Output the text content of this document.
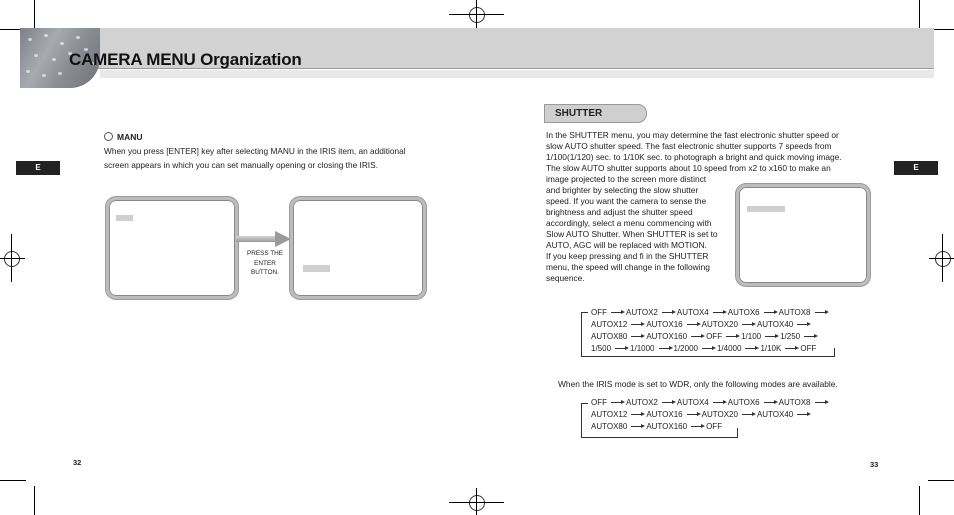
CAMERA MENU Organization
E	E
MANU
When you press [ENTER] key after selecting MANU in the IRIS item, an additional
screen appears in which you can set manually opening or closing the IRIS.
PRESS THE
ENTER
BUTTON.
SHUTTER
In the SHUTTER menu, you may determine the fast electronic shutter speed or
slow AUTO shutter speed. The fast electronic shutter supports 7 speeds from
1/100(1/120) sec. to 1/10K sec. to photograph a bright and quick moving image.
The slow AUTO shutter supports about 10 speed from x2 to x160 to make an
image projected to the screen more distinct
and brighter by selecting the slow shutter
speed. If you want the camera to sense the
brightness and adjust the shutter speed
accordingly, select a menu commencing with
Slow AUTO Shutter. When SHUTTER is set to
AUTO, AGC will be replaced with MOTION.
If you keep pressing and fi in the SHUTTER
menu, the speed will change in the following
sequence.
OFF AUTOX2 AUTOX4 AUTOX6 AUTOX8
AUTOX12 AUTOX16 AUTOX20 AUTOX40
AUTOX80 AUTOX160 OFF 1/100 1/250
1/500 1/1000 1/2000 1/4000 1/10K OFF
When the IRIS mode is set to WDR, only the following modes are available.
OFF AUTOX2 AUTOX4 AUTOX6 AUTOX8
AUTOX12 AUTOX16 AUTOX20 AUTOX40
AUTOX80 AUTOX160 OFF
32	33
